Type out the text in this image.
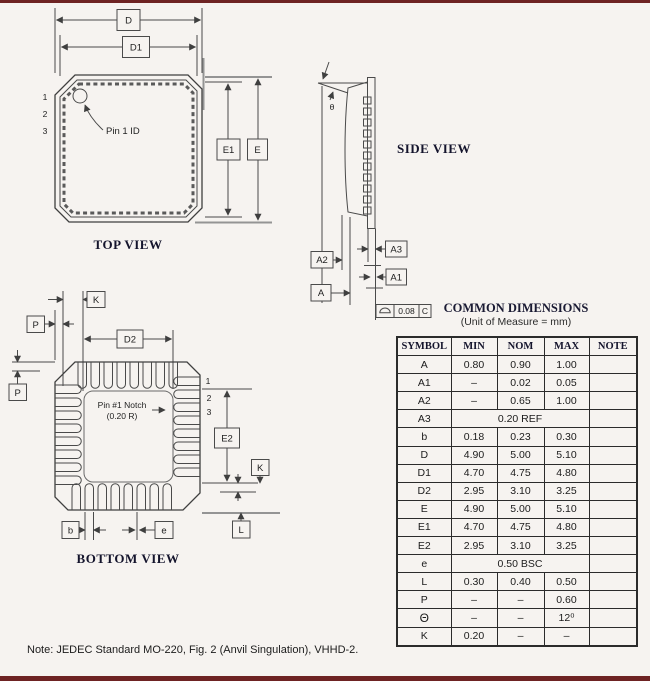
D
D1
E1 E
Pin 1 ID
1
2
3
TOP VIEW
θ
A2
A
A3
A1
0.08 C
SIDE VIEW
K
P
D2
P
E2
K
L
b	e
Pin #1 Notch
(0.20 R)
1
2
3
BOTTOM VIEW
COMMON DIMENSIONS
(Unit of Measure = mm)
SYMBOL	MIN	NOM	MAX	NOTE
A	0.80	0.90	1.00	
A1	–	0.02	0.05	
A2	–	0.65	1.00	
A3	0.20 REF			
b	0.18	0.23	0.30	
D	4.90	5.00	5.10	
D1	4.70	4.75	4.80	
D2	2.95	3.10	3.25	
E	4.90	5.00	5.10	
E1	4.70	4.75	4.80	
E2	2.95	3.10	3.25	
e	0.50 BSC			
L	0.30	0.40	0.50	
P	–	–	0.60	
Θ	–	–	12⁰	
K	0.20	–	–	
Note: JEDEC Standard MO-220, Fig. 2 (Anvil Singulation), VHHD-2.
